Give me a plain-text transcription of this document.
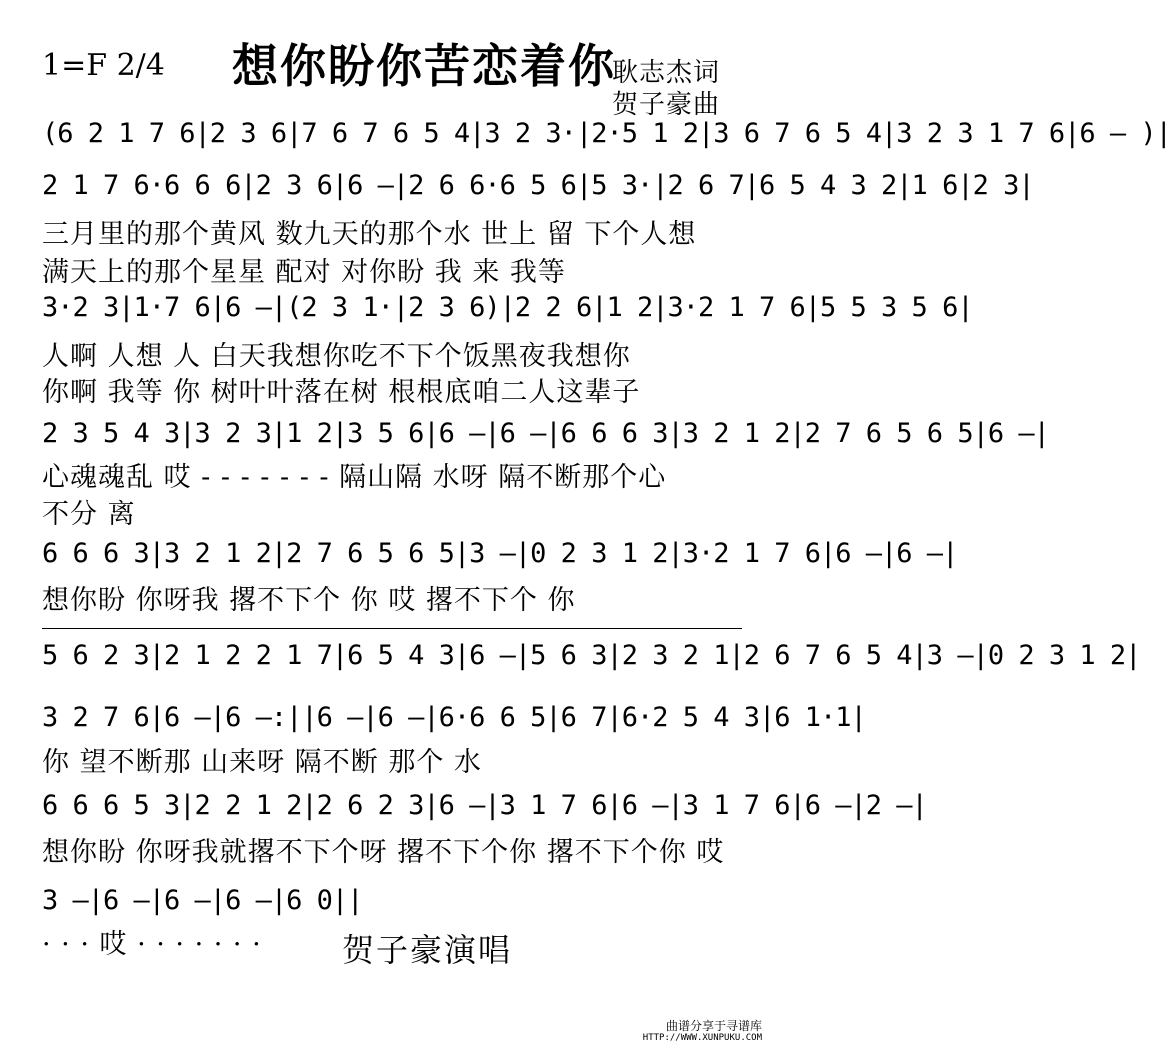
1=F 2/4 想你盼你苦恋着你
耿志杰词
贺子豪曲
(6 2 1 7 6|2 3 6|7 6 7 6 5 4|3 2 3·|2·5 1 2|3 6 7 6 5 4|3 2 3 1 7 6|6 — )|
2 1 7 6·6 6 6|2 3 6|6 —|2 6 6·6 5 6|5 3·|2 6 7|6 5 4 3 2|1 6|2 3|
三月里的那个黄风 数九天的那个水 世上 留 下个人想
满天上的那个星星 配对 对你盼 我 来 我等
3·2 3|1·7 6|6 —|(2 3 1·|2 3 6)|2 2 6|1 2|3·2 1 7 6|5 5 3 5 6|
人啊 人想 人 白天我想你吃不下个饭黑夜我想你
你啊 我等 你 树叶叶落在树 根根底咱二人这辈子
2 3 5 4 3|3 2 3|1 2|3 5 6|6 —|6 —|6 6 6 3|3 2 1 2|2 7 6 5 6 5|6 —|
心魂魂乱 哎 - - - - - - - 隔山隔 水呀 隔不断那个心
不分 离
6 6 6 3|3 2 1 2|2 7 6 5 6 5|3 —|0 2 3 1 2|3·2 1 7 6|6 —|6 —|
想你盼 你呀我 撂不下个 你 哎 撂不下个 你
5 6 2 3|2 1 2 2 1 7|6 5 4 3|6 —|5 6 3|2 3 2 1|2 6 7 6 5 4|3 —|0 2 3 1 2|
3 2 7 6|6 —|6 —:||6 —|6 —|6·6 6 5|6 7|6·2 5 4 3|6 1·1|
你 望不断那 山来呀 隔不断 那个 水
6 6 6 5 3|2 2 1 2|2 6 2 3|6 —|3 1 7 6|6 —|3 1 7 6|6 —|2 —|
想你盼 你呀我就撂不下个呀 撂不下个你 撂不下个你 哎
3 —|6 —|6 —|6 —|6 0||
· · · 哎 · · · · · · ·	贺子豪演唱
曲谱分享于寻谱库
HTTP://WWW.XUNPUKU.COM
